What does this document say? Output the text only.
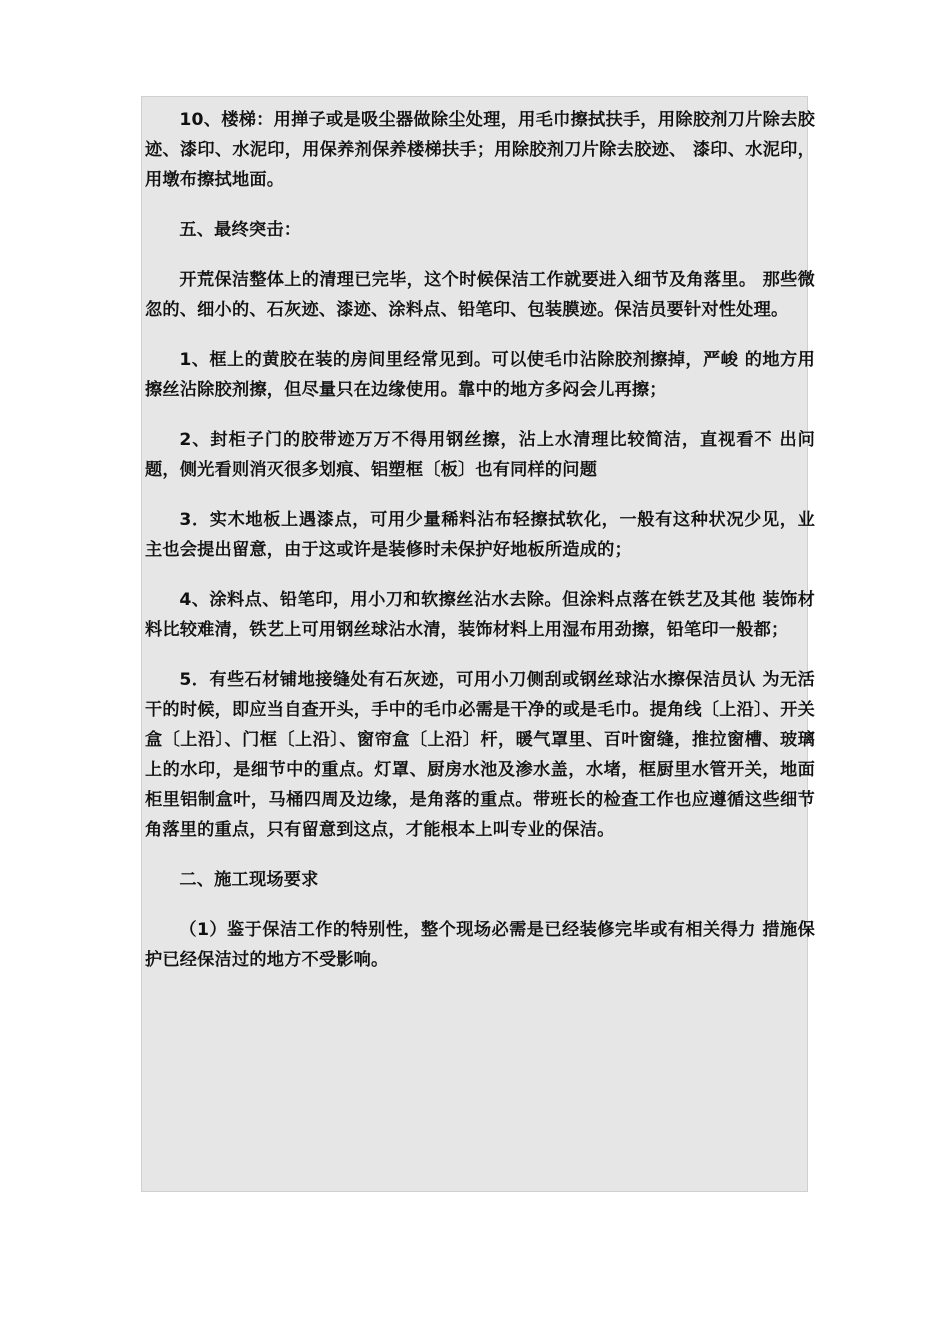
10、楼梯：用掸子或是吸尘器做除尘处理，用毛巾擦拭扶手，用除胶剂刀片除去胶迹、漆印、水泥印，用保养剂保养楼梯扶手；用除胶剂刀片除去胶迹、 漆印、水泥印，用墩布擦拭地面。

五、最终突击：

开荒保洁整体上的清理已完毕，这个时候保洁工作就要进入细节及角落里。 那些微忽的、细小的、石灰迹、漆迹、涂料点、铅笔印、包装膜迹。保洁员要针对性处理。

1、框上的黄胶在装的房间里经常见到。可以使毛巾沾除胶剂擦掉，严峻 的地方用擦丝沾除胶剂擦，但尽量只在边缘使用。靠中的地方多闷会儿再擦；

2、封柜子门的胶带迹万万不得用钢丝擦，沾上水清理比较简洁，直视看不 出问题，侧光看则消灭很多划痕、铝塑框〔板〕也有同样的问题

3．实木地板上遇漆点，可用少量稀料沾布轻擦拭软化，一般有这种状况少见，业主也会提出留意，由于这或许是装修时未保护好地板所造成的；

4、涂料点、铅笔印，用小刀和软擦丝沾水去除。但涂料点落在铁艺及其他 装饰材料比较难清，铁艺上可用钢丝球沾水清，装饰材料上用湿布用劲擦，铅笔印一般都；

5．有些石材铺地接缝处有石灰迹，可用小刀侧刮或钢丝球沾水擦保洁员认 为无活干的时候，即应当自查开头，手中的毛巾必需是干净的或是毛巾。提角线〔上沿〕、开关盒〔上沿〕、门框〔上沿〕、窗帘盒〔上沿〕杆，暖气罩里、百叶窗缝，推拉窗槽、玻璃上的水印，是细节中的重点。灯罩、厨房水池及渗水盖，水堵，框厨里水管开关，地面柜里铝制盒叶，马桶四周及边缘，是角落的重点。带班长的检查工作也应遵循这些细节角落里的重点，只有留意到这点，才能根本上叫专业的保洁。

二、施工现场要求

（1）鉴于保洁工作的特别性，整个现场必需是已经装修完毕或有相关得力 措施保护已经保洁过的地方不受影响。
